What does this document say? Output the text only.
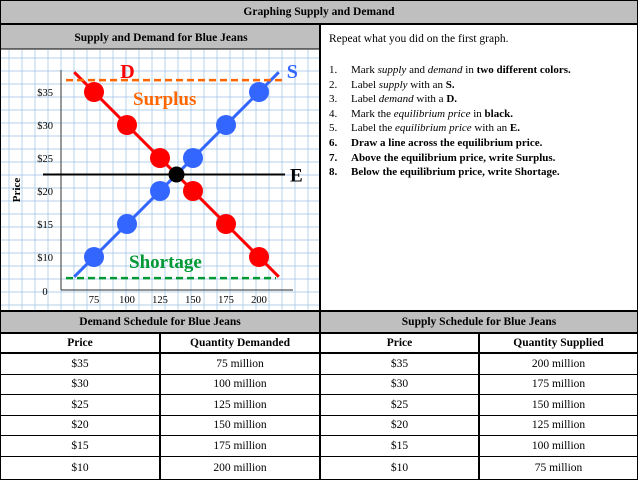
Graphing Supply and Demand
Supply and Demand for Blue Jeans
$35
$30
$25
$20
$15
$10
75 100 125 150 175 200
0
Price
D	S
E
Surplus
Shortage
Repeat what you did on the first graph.
1. Mark supply and demand in two different colors.
2. Label supply with an S.
3. Label demand with a D.
4. Mark the equilibrium price in black.
5. Label the equilibrium price with an E.
6. Draw a line across the equilibrium price.
7. Above the equilibrium price, write Surplus.
8. Below the equilibrium price, write Shortage.
Demand Schedule for Blue Jeans	Supply Schedule for Blue Jeans
Price	Quantity Demanded
$35	75 million
$30	100 million
$25	125 million
$20	150 million
$15	175 million
$10	200 million
Price	Quantity Supplied
$35	200 million
$30	175 million
$25	150 million
$20	125 million
$15	100 million
$10	75 million
